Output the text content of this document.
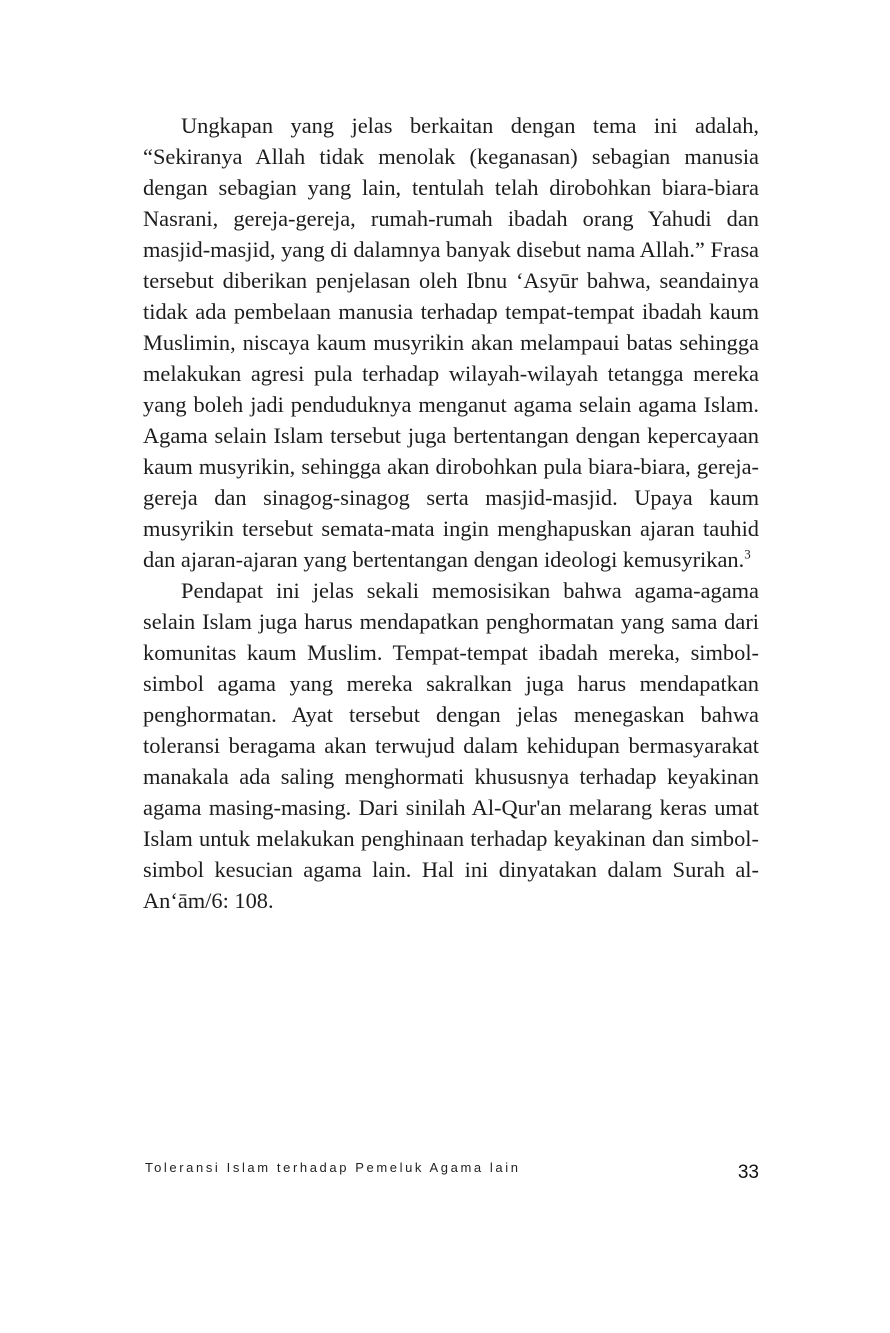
Ungkapan yang jelas berkaitan dengan tema ini adalah, “Sekiranya Allah tidak menolak (keganasan) sebagian manusia dengan sebagian yang lain, tentulah telah dirobohkan biara-biara Nasrani, gereja-gereja, rumah-rumah ibadah orang Yahudi dan masjid-masjid, yang di dalamnya banyak disebut nama Allah.” Frasa tersebut diberikan penjelasan oleh Ibnu ‘Asyūr bahwa, seandainya tidak ada pembelaan manusia terhadap tempat-tempat ibadah kaum Muslimin, niscaya kaum musyrikin akan melampaui batas sehingga melakukan agresi pula terhadap wilayah-wilayah tetangga mereka yang boleh jadi penduduknya menganut agama selain agama Islam. Agama selain Islam tersebut juga bertentangan dengan kepercayaan kaum musyrikin, sehingga akan dirobohkan pula biara-biara, gereja-gereja dan sinagog-sinagog serta masjid-masjid. Upaya kaum musyrikin tersebut semata-mata ingin menghapuskan ajaran tauhid dan ajaran-ajaran yang bertentangan dengan ideologi kemusyrikan.$^3$

Pendapat ini jelas sekali memosisikan bahwa agama-agama selain Islam juga harus mendapatkan penghormatan yang sama dari komunitas kaum Muslim. Tempat-tempat ibadah mereka, simbol-simbol agama yang mereka sakralkan juga harus mendapatkan penghormatan. Ayat tersebut dengan jelas menegaskan bahwa toleransi beragama akan terwujud dalam kehidupan bermasyarakat manakala ada saling menghormati khususnya terhadap keyakinan agama masing-masing. Dari sinilah Al-Qur'an melarang keras umat Islam untuk melakukan penghinaan terhadap keyakinan dan simbol-simbol kesucian agama lain. Hal ini dinyatakan dalam Surah al-An‘ām/6: 108.

Toleransi Islam terhadap Pemeluk Agama lain	33
